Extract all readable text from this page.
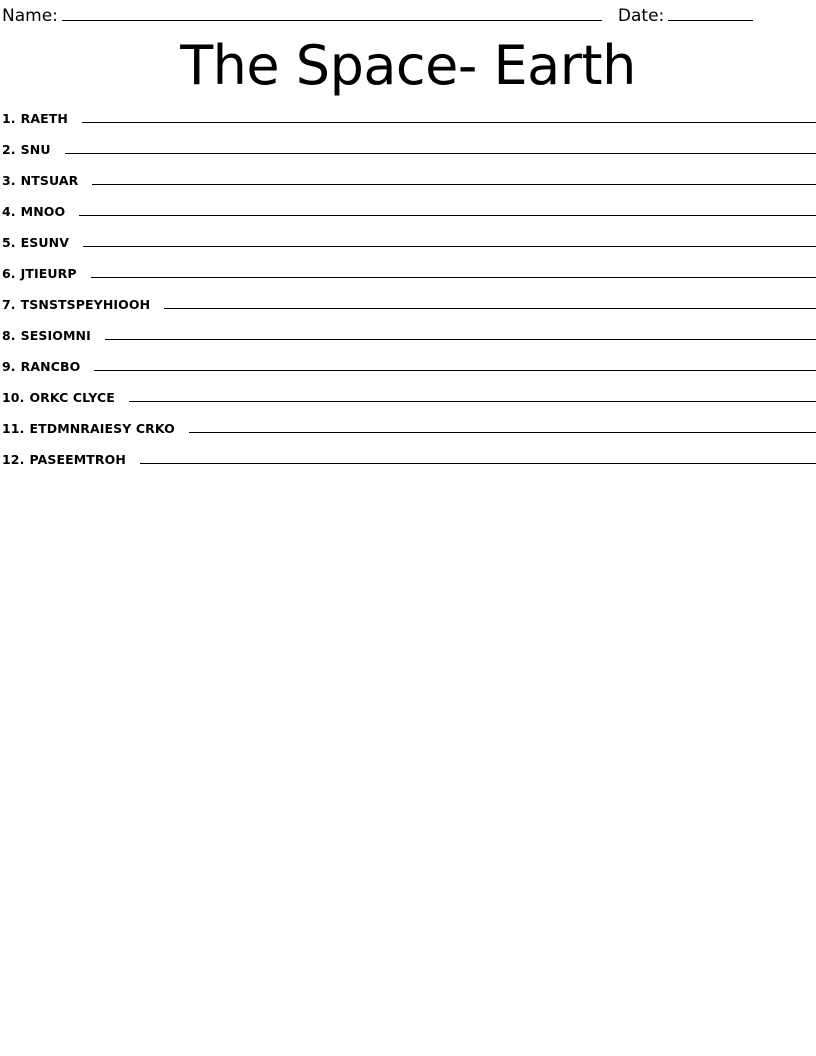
Name:	Date:
The Space- Earth
1. RAETH
2. SNU
3. NTSUAR
4. MNOO
5. ESUNV
6. JTIEURP
7. TSNSTSPEYHIOOH
8. SESIOMNI
9. RANCBO
10. ORKC CLYCE
11. ETDMNRAIESY CRKO
12. PASEEMTROH
